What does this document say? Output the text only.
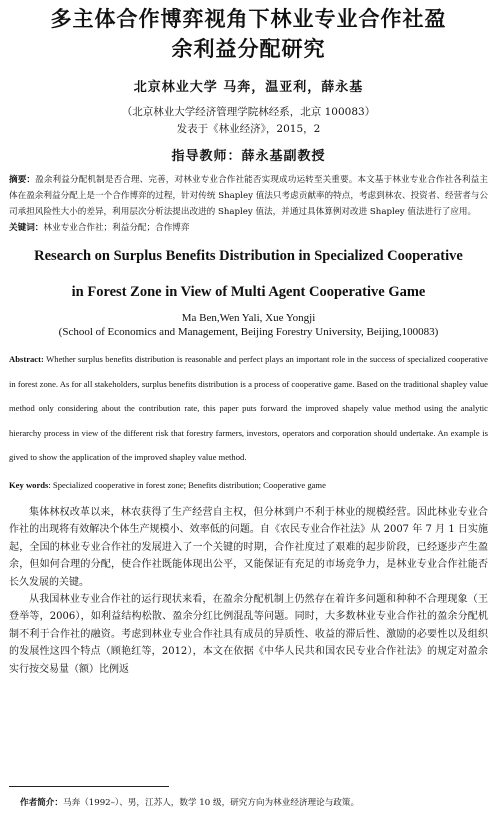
多主体合作博弈视角下林业专业合作社盈
余利益分配研究
北京林业大学 马奔，温亚利，薛永基
（北京林业大学经济管理学院林经系，北京 100083）
发表于《林业经济》，2015，2
指导教师：薛永基副教授
摘要：盈余利益分配机制是否合理、完善，对林业专业合作社能否实现成功运转至关重要。本文基于林业专业合作社各利益主体在盈余利益分配上是一个合作博弈的过程，针对传统 Shapley 值法只考虑贡献率的特点，考虑到林农、投资者、经营者与公司承担风险性大小的差异，利用层次分析法提出改进的 Shapley 值法，并通过具体算例对改进 Shapley 值法进行了应用。
关键词：林业专业合作社；利益分配；合作博弈
Research on Surplus Benefits Distribution in Specialized Cooperative
in Forest Zone in View of Multi Agent Cooperative Game
Ma Ben,Wen Yali, Xue Yongji
(School of Economics and Management, Beijing Forestry University, Beijing,100083)
Abstract: Whether surplus benefits distribution is reasonable and perfect plays an important role in the success of specialized cooperative in forest zone. As for all stakeholders, surplus benefits distribution is a process of cooperative game. Based on the traditional shapley value method only considering about the contribution rate, this paper puts forward the improved shapely value method using the analytic hierarchy process in view of the different risk that forestry farmers, investors, operators and corporation should undertake. An example is gived to show the application of the improved shapley value method.
Key words: Specialized cooperative in forest zone; Benefits distribution; Cooperative game

集体林权改革以来，林农获得了生产经营自主权，但分林到户不利于林业的规模经营。因此林业专业合作社的出现将有效解决个体生产规模小、效率低的问题。自《农民专业合作社法》从 2007 年 7 月 1 日实施起，全国的林业专业合作社的发展进入了一个关键的时期，合作社度过了艰难的起步阶段，已经逐步产生盈余，但如何合理的分配，使合作社既能体现出公平，又能保证有充足的市场竞争力，是林业专业合作社能否长久发展的关键。

从我国林业专业合作社的运行现状来看，在盈余分配机制上仍然存在着许多问题和种种不合理现象（王登举等，2006），如利益结构松散、盈余分红比例混乱等问题。同时，大多数林业专业合作社的盈余分配机制不利于合作社的融资。考虑到林业专业合作社具有成员的异质性、收益的滞后性、激励的必要性以及组织的发展性这四个特点（顾艳红等，2012），本文在依据《中华人民共和国农民专业合作社法》的规定对盈余实行按交易量（额）比例返

作者简介：马奔（1992–）、男，江苏人，数学 10 级，研究方向为林业经济理论与政策。
